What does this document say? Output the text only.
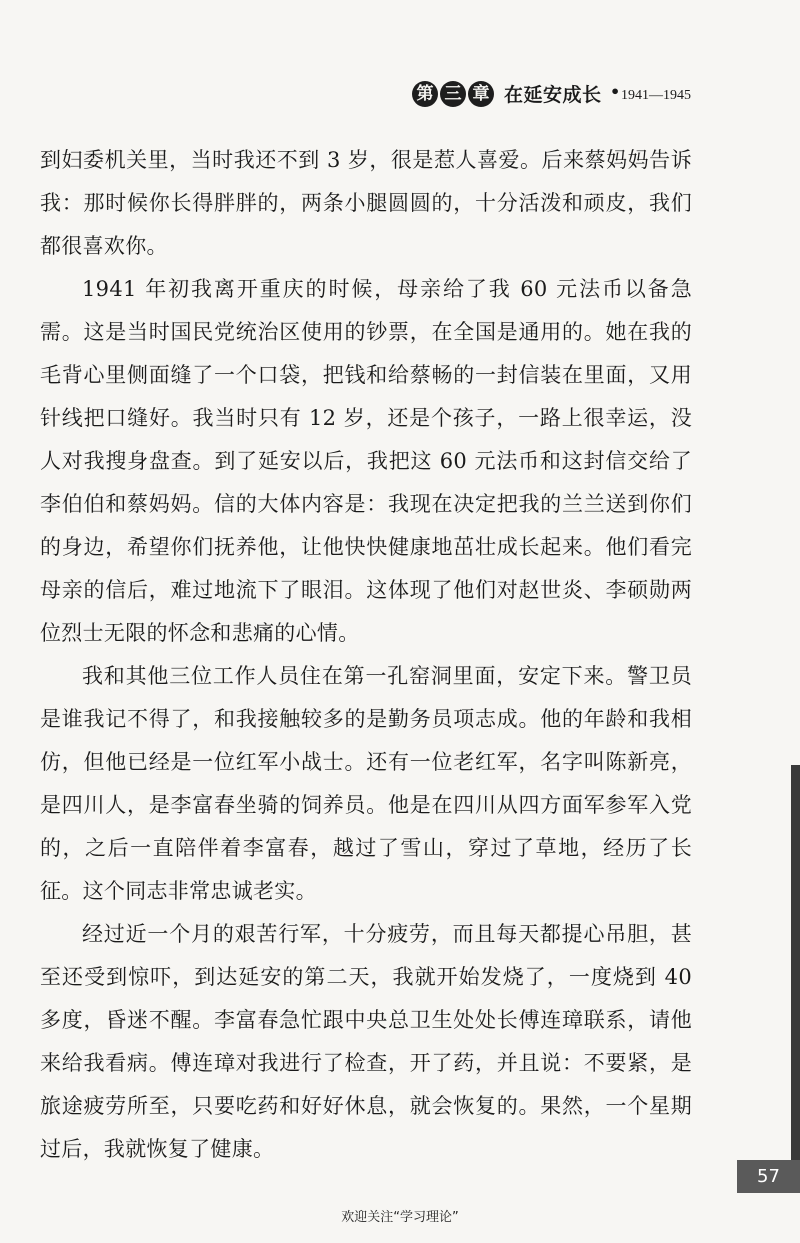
第 三 章 在延安成长 • 1941—1945

到妇委机关里，当时我还不到 3 岁，很是惹人喜爱。后来蔡妈妈告诉我：那时候你长得胖胖的，两条小腿圆圆的，十分活泼和顽皮，我们都很喜欢你。

1941 年初我离开重庆的时候，母亲给了我 60 元法币以备急需。这是当时国民党统治区使用的钞票，在全国是通用的。她在我的毛背心里侧面缝了一个口袋，把钱和给蔡畅的一封信装在里面，又用针线把口缝好。我当时只有 12 岁，还是个孩子，一路上很幸运，没人对我搜身盘查。到了延安以后，我把这 60 元法币和这封信交给了李伯伯和蔡妈妈。信的大体内容是：我现在决定把我的兰兰送到你们的身边，希望你们抚养他，让他快快健康地茁壮成长起来。他们看完母亲的信后，难过地流下了眼泪。这体现了他们对赵世炎、李硕勋两位烈士无限的怀念和悲痛的心情。

我和其他三位工作人员住在第一孔窑洞里面，安定下来。警卫员是谁我记不得了，和我接触较多的是勤务员项志成。他的年龄和我相仿，但他已经是一位红军小战士。还有一位老红军，名字叫陈新亮，是四川人，是李富春坐骑的饲养员。他是在四川从四方面军参军入党的，之后一直陪伴着李富春，越过了雪山，穿过了草地，经历了长征。这个同志非常忠诚老实。

经过近一个月的艰苦行军，十分疲劳，而且每天都提心吊胆，甚至还受到惊吓，到达延安的第二天，我就开始发烧了，一度烧到 40 多度，昏迷不醒。李富春急忙跟中央总卫生处处长傅连璋联系，请他来给我看病。傅连璋对我进行了检查，开了药，并且说：不要紧，是旅途疲劳所至，只要吃药和好好休息，就会恢复的。果然，一个星期过后，我就恢复了健康。

57
欢迎关注“学习理论”
